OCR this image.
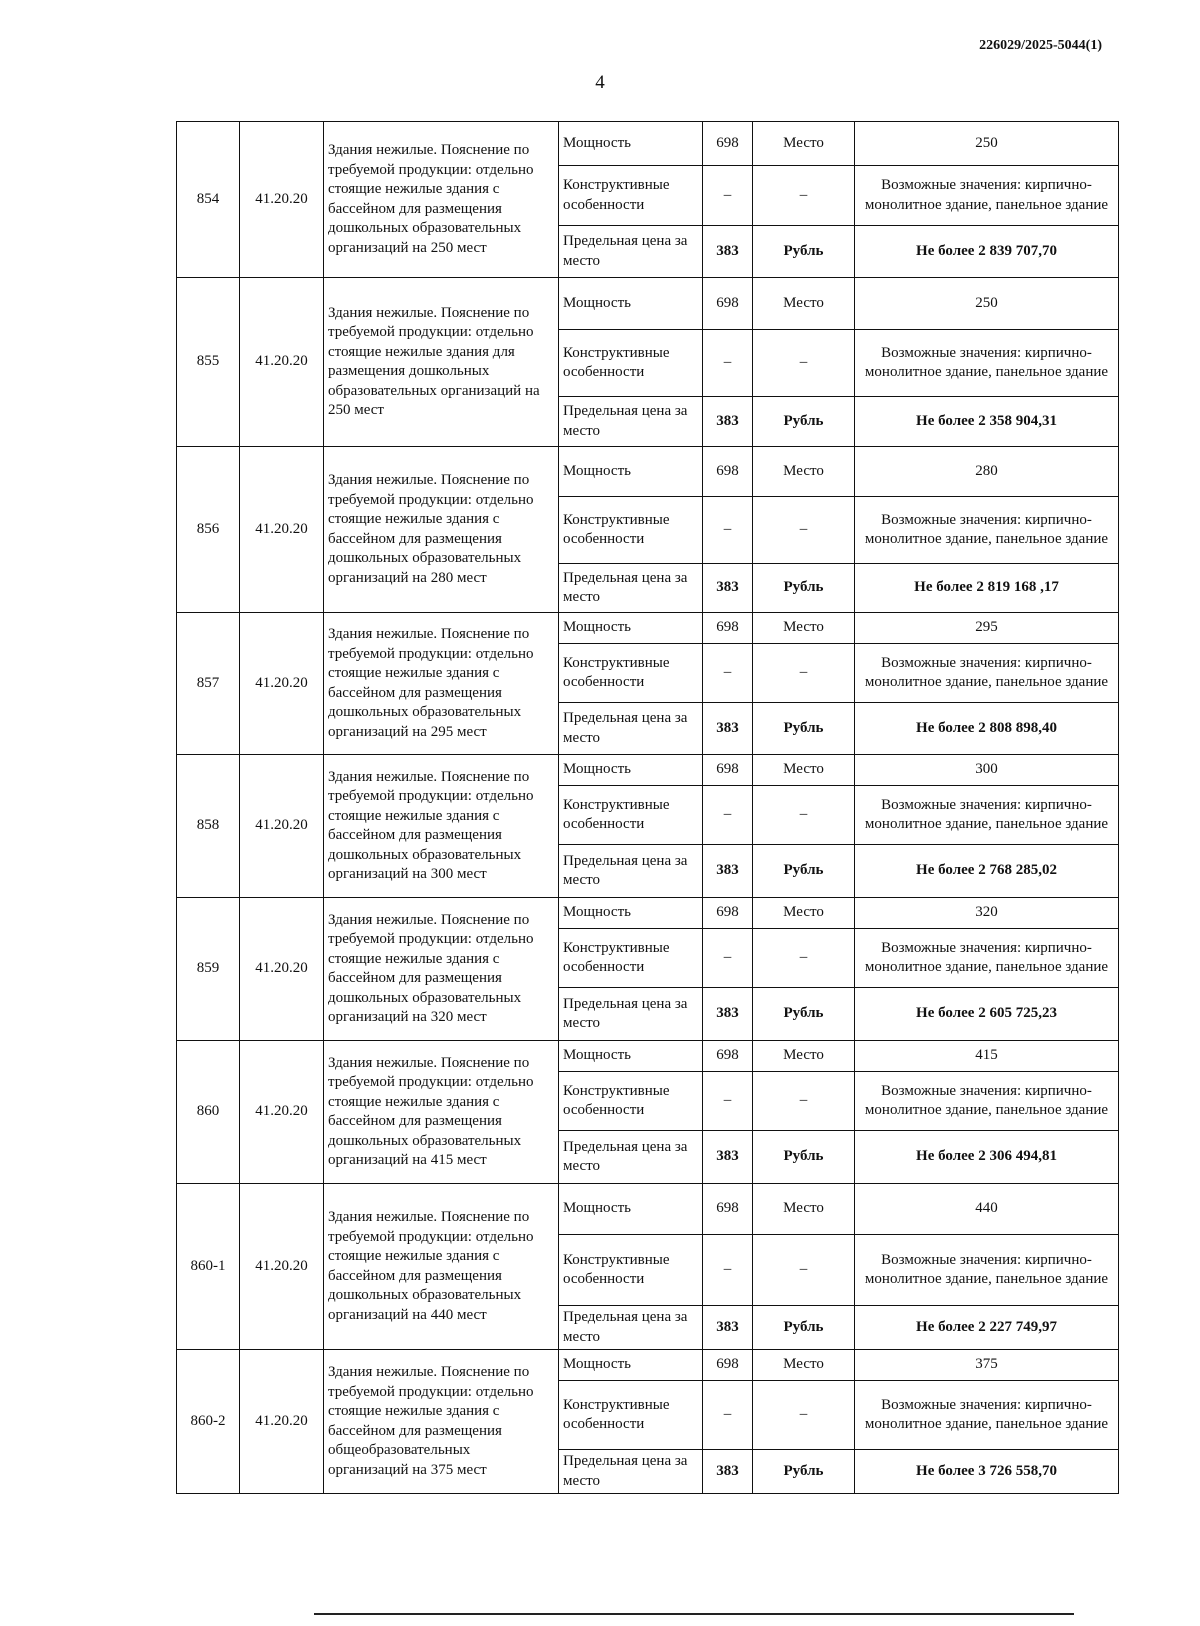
226029/2025-5044(1)
4
854	41.20.20	Здания нежилые. Пояснение по требуемой продукции: отдельно стоящие нежилые здания с бассейном для размещения дошкольных образовательных организаций на 250 мест	Мощность	698	Место	250
			Конструктивные особенности	–	–	Возможные значения: кирпично-монолитное здание, панельное здание
			Предельная цена за место	383	Рубль	Не более 2 839 707,70
855	41.20.20	Здания нежилые. Пояснение по требуемой продукции: отдельно стоящие нежилые здания для размещения дошкольных образовательных организаций на 250 мест	Мощность	698	Место	250
			Конструктивные особенности	–	–	Возможные значения: кирпично-монолитное здание, панельное здание
			Предельная цена за место	383	Рубль	Не более 2 358 904,31
856	41.20.20	Здания нежилые. Пояснение по требуемой продукции: отдельно стоящие нежилые здания с бассейном для размещения дошкольных образовательных организаций на 280 мест	Мощность	698	Место	280
			Конструктивные особенности	–	–	Возможные значения: кирпично-монолитное здание, панельное здание
			Предельная цена за место	383	Рубль	Не более 2 819 168 ,17
857	41.20.20	Здания нежилые. Пояснение по требуемой продукции: отдельно стоящие нежилые здания с бассейном для размещения дошкольных образовательных организаций на 295 мест	Мощность	698	Место	295
			Конструктивные особенности	–	–	Возможные значения: кирпично-монолитное здание, панельное здание
			Предельная цена за место	383	Рубль	Не более 2 808 898,40
858	41.20.20	Здания нежилые. Пояснение по требуемой продукции: отдельно стоящие нежилые здания с бассейном для размещения дошкольных образовательных организаций на 300 мест	Мощность	698	Место	300
			Конструктивные особенности	–	–	Возможные значения: кирпично-монолитное здание, панельное здание
			Предельная цена за место	383	Рубль	Не более 2 768 285,02
859	41.20.20	Здания нежилые. Пояснение по требуемой продукции: отдельно стоящие нежилые здания с бассейном для размещения дошкольных образовательных организаций на 320 мест	Мощность	698	Место	320
			Конструктивные особенности	–	–	Возможные значения: кирпично-монолитное здание, панельное здание
			Предельная цена за место	383	Рубль	Не более 2 605 725,23
860	41.20.20	Здания нежилые. Пояснение по требуемой продукции: отдельно стоящие нежилые здания с бассейном для размещения дошкольных образовательных организаций на 415 мест	Мощность	698	Место	415
			Конструктивные особенности	–	–	Возможные значения: кирпично-монолитное здание, панельное здание
			Предельная цена за место	383	Рубль	Не более 2 306 494,81
860-1	41.20.20	Здания нежилые. Пояснение по требуемой продукции: отдельно стоящие нежилые здания с бассейном для размещения дошкольных образовательных организаций на 440 мест	Мощность	698	Место	440
			Конструктивные особенности	–	–	Возможные значения: кирпично-монолитное здание, панельное здание
			Предельная цена за место	383	Рубль	Не более 2 227 749,97
860-2	41.20.20	Здания нежилые. Пояснение по требуемой продукции: отдельно стоящие нежилые здания с бассейном для размещения общеобразовательных организаций на 375 мест	Мощность	698	Место	375
			Конструктивные особенности	–	–	Возможные значения: кирпично-монолитное здание, панельное здание
			Предельная цена за место	383	Рубль	Не более 3 726 558,70
